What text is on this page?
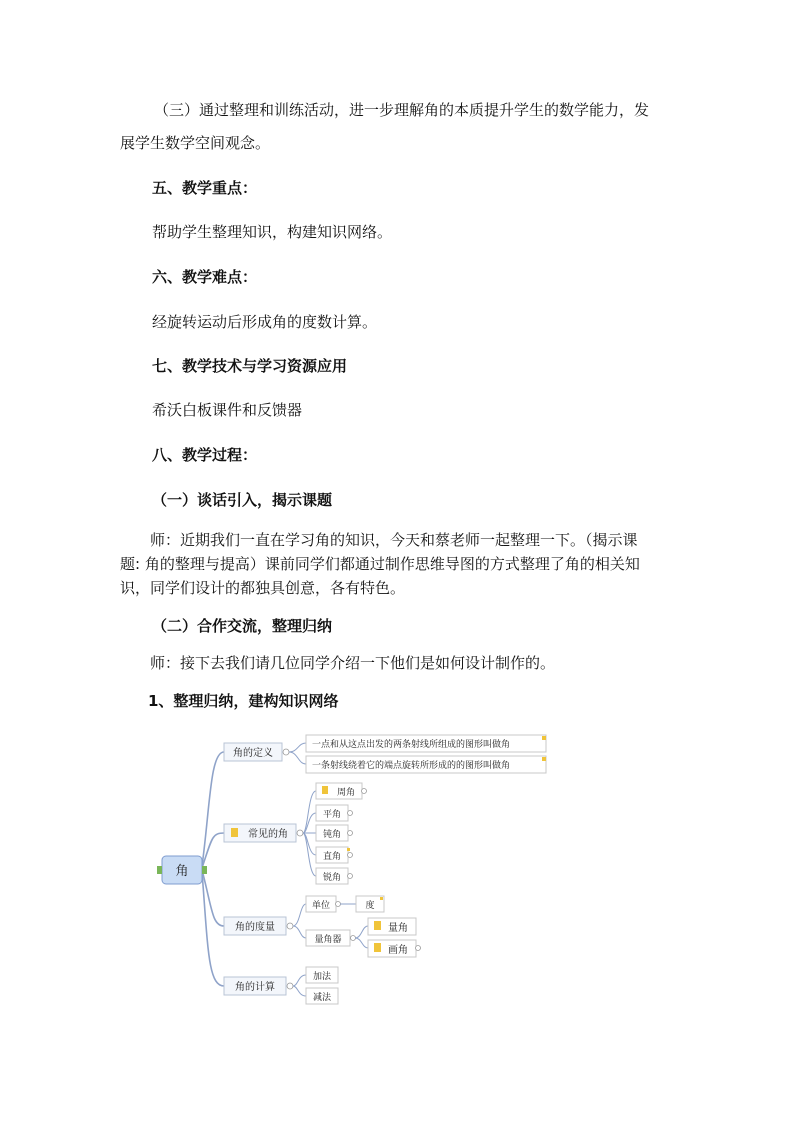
（三）通过整理和训练活动，进一步理解角的本质提升学生的数学能力，发
展学生数学空间观念。
五、教学重点：
帮助学生整理知识，构建知识网络。
六、教学难点：
经旋转运动后形成角的度数计算。
七、教学技术与学习资源应用
希沃白板课件和反馈器
八、教学过程：
（一）谈话引入，揭示课题
师：近期我们一直在学习角的知识，今天和蔡老师一起整理一下。（揭示课
题: 角的整理与提高）课前同学们都通过制作思维导图的方式整理了角的相关知
识，同学们设计的都独具创意，各有特色。
（二）合作交流，整理归纳
师：接下去我们请几位同学介绍一下他们是如何设计制作的。
1、整理归纳，建构知识网络
角
角的定义
一点和从这点出发的两条射线所组成的图形叫做角
一条射线绕着它的端点旋转所形成的的图形叫做角
常见的角
周角
平角
钝角
直角
锐角
角的度量
单位	度
量角器
量角
画角
角的计算
加法
减法
